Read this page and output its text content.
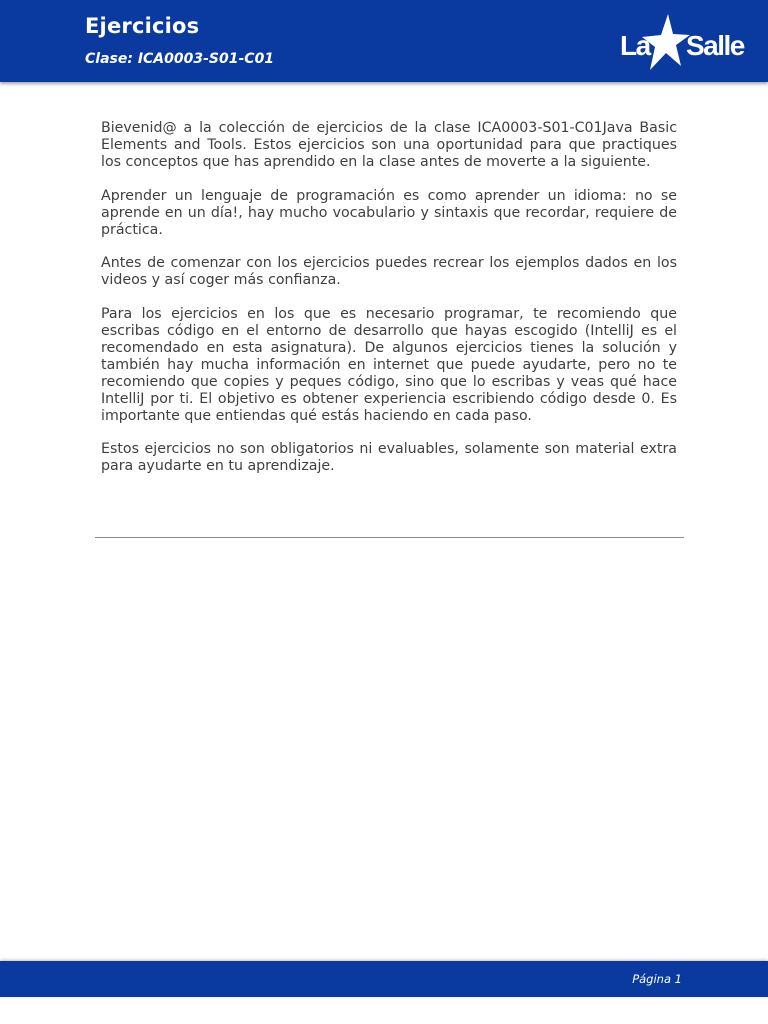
Ejercicios
Clase: ICA0003-S01-C01	La Salle

Bievenid@ a la colección de ejercicios de la clase ICA0003-S01-C01Java Basic Elements and Tools. Estos ejercicios son una oportunidad para que practiques los conceptos que has aprendido en la clase antes de moverte a la siguiente.

Aprender un lenguaje de programación es como aprender un idioma: no se aprende en un día!, hay mucho vocabulario y sintaxis que recordar, requiere de práctica.

Antes de comenzar con los ejercicios puedes recrear los ejemplos dados en los videos y así coger más confianza.

Para los ejercicios en los que es necesario programar, te recomiendo que escribas código en el entorno de desarrollo que hayas escogido (IntelliJ es el recomendado en esta asignatura). De algunos ejercicios tienes la solución y también hay mucha información en internet que puede ayudarte, pero no te recomiendo que copies y peques código, sino que lo escribas y veas qué hace IntelliJ por ti. El objetivo es obtener experiencia escribiendo código desde 0. Es importante que entiendas qué estás haciendo en cada paso.

Estos ejercicios no son obligatorios ni evaluables, solamente son material extra para ayudarte en tu aprendizaje.

Página 1
